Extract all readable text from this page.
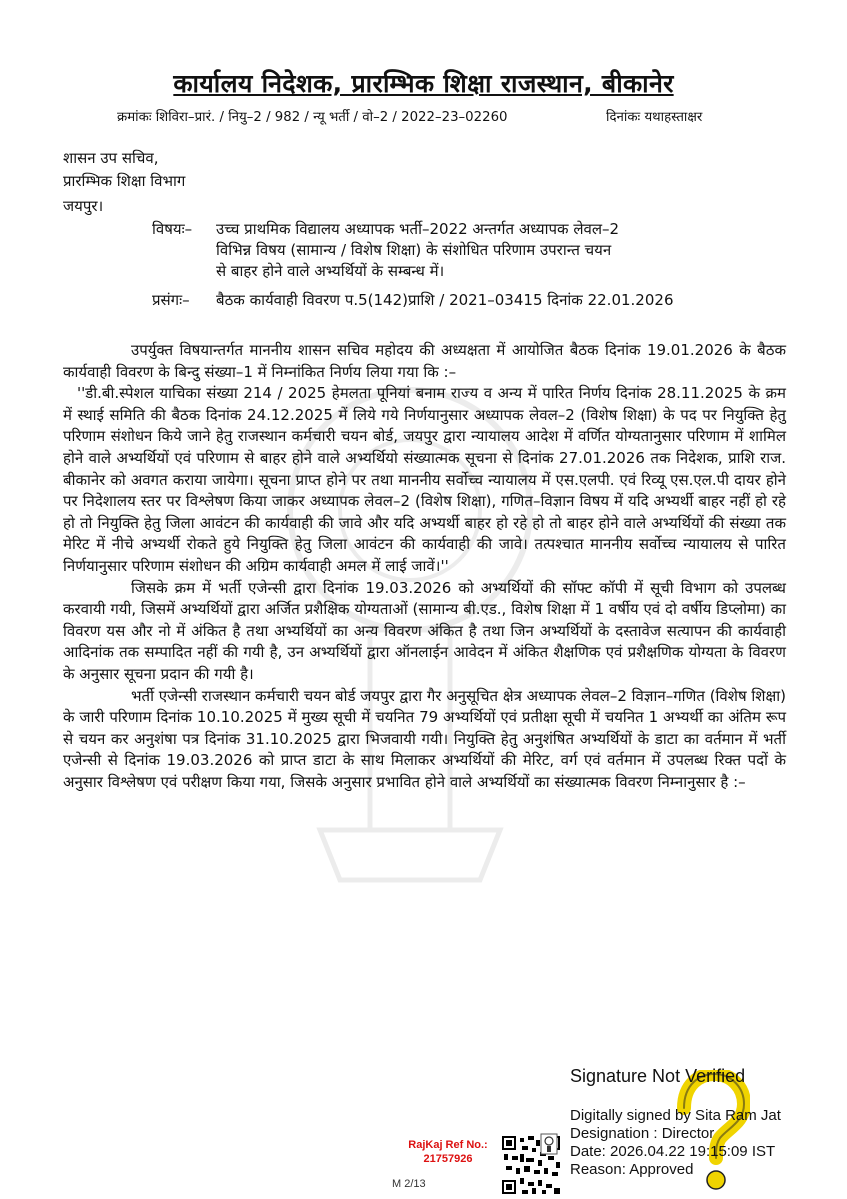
कार्यालय निदेशक, प्रारम्भिक शिक्षा राजस्थान, बीकानेर
क्रमांकः शिविरा–प्रारं. / नियु–2 / 982 / न्यू भर्ती / वो–2 / 2022–23–02260	दिनांकः यथाहस्ताक्षर
शासन उप सचिव,
प्रारम्भिक शिक्षा विभाग
जयपुर।
विषयः– उच्च प्राथमिक विद्यालय अध्यापक भर्ती–2022 अन्तर्गत अध्यापक लेवल–2
विभिन्न विषय (सामान्य / विशेष शिक्षा) के संशोधित परिणाम उपरान्त चयन
से बाहर होने वाले अभ्यर्थियों के सम्बन्ध में।
प्रसंगः– बैठक कार्यवाही विवरण प.5(142)प्राशि / 2021–03415 दिनांक 22.01.2026

उपर्युक्त विषयान्तर्गत माननीय शासन सचिव महोदय की अध्यक्षता में आयोजित बैठक दिनांक 19.01.2026 के बैठक कार्यवाही विवरण के बिन्दु संख्या–1 में निम्नांकित निर्णय लिया गया कि :–

''डी.बी.स्पेशल याचिका संख्या 214 / 2025 हेमलता पूनियां बनाम राज्य व अन्य में पारित निर्णय दिनांक 28.11.2025 के क्रम में स्थाई समिति की बैठक दिनांक 24.12.2025 में लिये गये निर्णयानुसार अध्यापक लेवल–2 (विशेष शिक्षा) के पद पर नियुक्ति हेतु परिणाम संशोधन किये जाने हेतु राजस्थान कर्मचारी चयन बोर्ड, जयपुर द्वारा न्यायालय आदेश में वर्णित योग्यतानुसार परिणाम में शामिल होने वाले अभ्यर्थियों एवं परिणाम से बाहर होने वाले अभ्यर्थियो संख्यात्मक सूचना से दिनांक 27.01.2026 तक निदेशक, प्राशि राज. बीकानेर को अवगत कराया जायेगा। सूचना प्राप्त होने पर तथा माननीय सर्वोच्च न्यायालय में एस.एलपी. एवं रिव्यू एस.एल.पी दायर होने पर निदेशालय स्तर पर विश्लेषण किया जाकर अध्यापक लेवल–2 (विशेष शिक्षा), गणित–विज्ञान विषय में यदि अभ्यर्थी बाहर नहीं हो रहे हो तो नियुक्ति हेतु जिला आवंटन की कार्यवाही की जावे और यदि अभ्यर्थी बाहर हो रहे हो तो बाहर होने वाले अभ्यर्थियों की संख्या तक मेरिट में नीचे अभ्यर्थी रोकते हुये नियुक्ति हेतु जिला आवंटन की कार्यवाही की जावे। तत्पश्चात माननीय सर्वोच्च न्यायालय से पारित निर्णयानुसार परिणाम संशोधन की अग्रिम कार्यवाही अमल में लाई जावें।''

जिसके क्रम में भर्ती एजेन्सी द्वारा दिनांक 19.03.2026 को अभ्यर्थियों की सॉफ्ट कॉपी में सूची विभाग को उपलब्ध करवायी गयी, जिसमें अभ्यर्थियों द्वारा अर्जित प्रशैक्षिक योग्यताओं (सामान्य बी.एड., विशेष शिक्षा में 1 वर्षीय एवं दो वर्षीय डिप्लोमा) का विवरण यस और नो में अंकित है तथा अभ्यर्थियों का अन्य विवरण अंकित है तथा जिन अभ्यर्थियों के दस्तावेज सत्यापन की कार्यवाही आदिनांक तक सम्पादित नहीं की गयी है, उन अभ्यर्थियों द्वारा ऑनलाईन आवेदन में अंकित शैक्षणिक एवं प्रशैक्षणिक योग्यता के विवरण के अनुसार सूचना प्रदान की गयी है।

भर्ती एजेन्सी राजस्थान कर्मचारी चयन बोर्ड जयपुर द्वारा गैर अनुसूचित क्षेत्र अध्यापक लेवल–2 विज्ञान–गणित (विशेष शिक्षा) के जारी परिणाम दिनांक 10.10.2025 में मुख्य सूची में चयनित 79 अभ्यर्थियों एवं प्रतीक्षा सूची में चयनित 1 अभ्यर्थी का अंतिम रूप से चयन कर अनुशंषा पत्र दिनांक 31.10.2025 द्वारा भिजवायी गयी। नियुक्ति हेतु अनुशंषित अभ्यर्थियों के डाटा का वर्तमान में भर्ती एजेन्सी से दिनांक 19.03.2026 को प्राप्त डाटा के साथ मिलाकर अभ्यर्थियों की मेरिट, वर्ग एवं वर्तमान में उपलब्ध रिक्त पदों के अनुसार विश्लेषण एवं परीक्षण किया गया, जिसके अनुसार प्रभावित होने वाले अभ्यर्थियों का संख्यात्मक विवरण निम्नानुसार है :–

Signature Not Verified
Digitally signed by Sita Ram Jat
Designation : Director
Date: 2026.04.22 19:15:09 IST
Reason: Approved
RajKaj Ref No.:
21757926
M 2/13
